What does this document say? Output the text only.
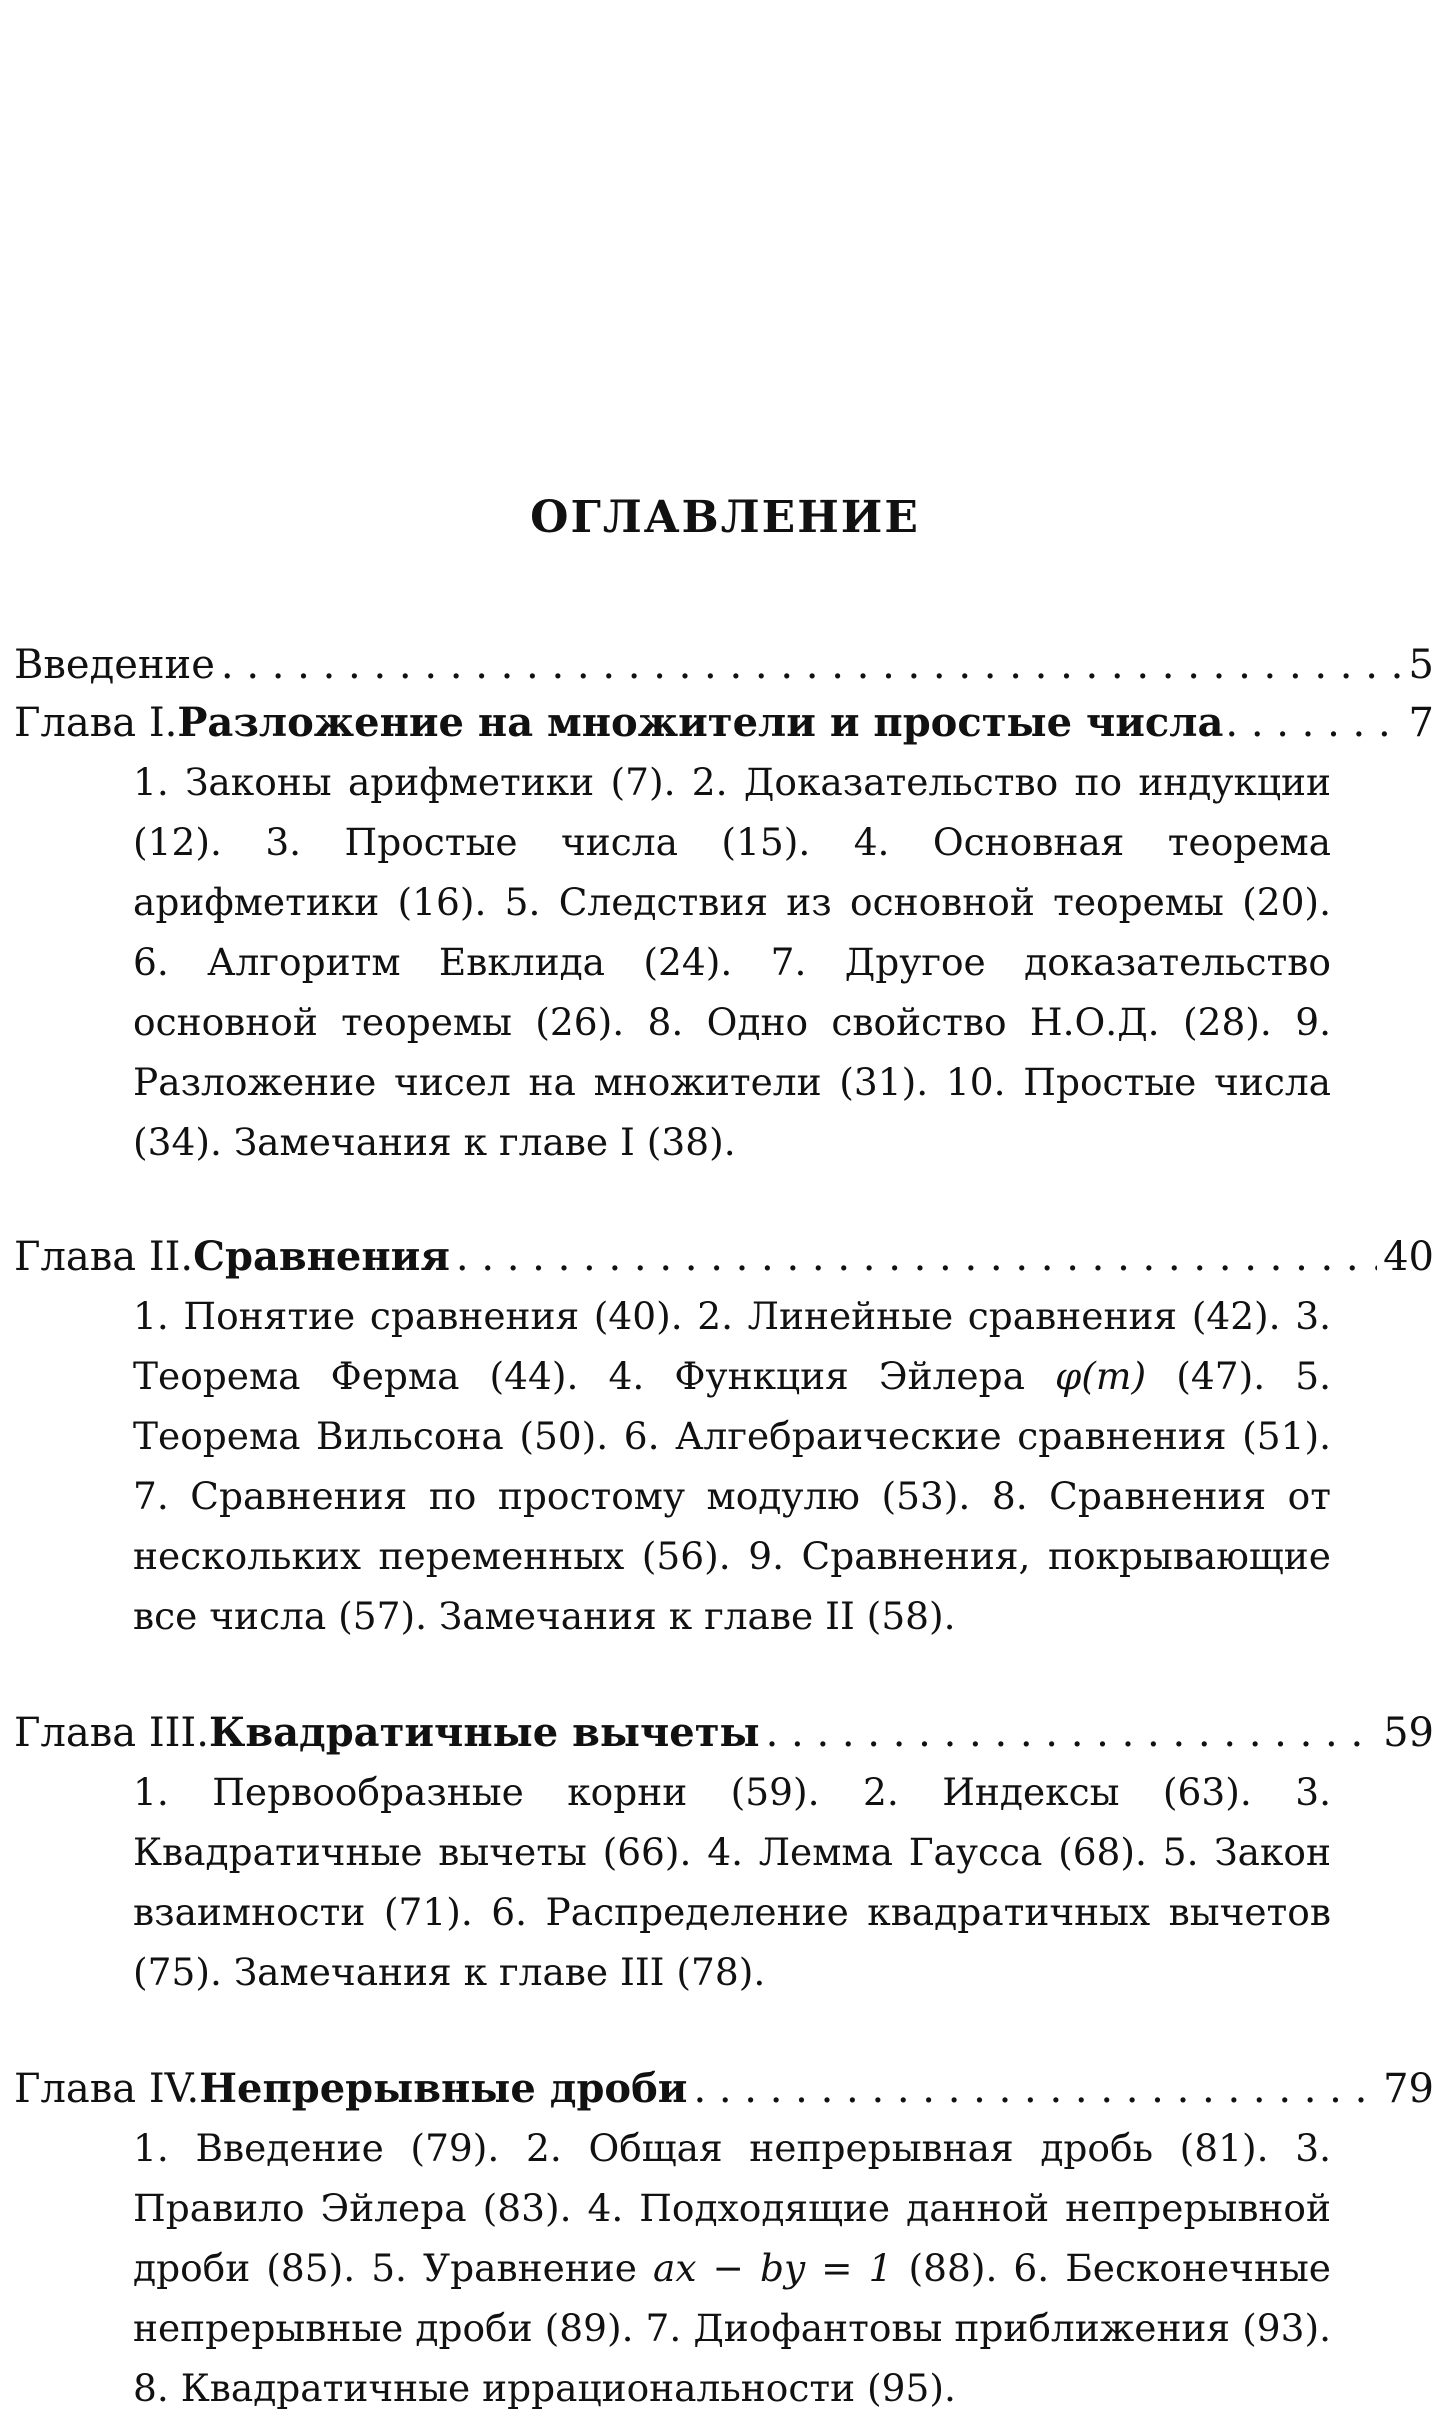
ОГЛАВЛЕНИЕ
Введение . . .	5
Глава I. Разложение на множители и простые числа . . .	7
1. Законы арифметики (7). 2. Доказательство по индукции (12). 3. Простые числа (15). 4. Основная теорема арифметики (16). 5. Следствия из основной теоремы (20). 6. Алгоритм Евклида (24). 7. Другое доказательство основной теоремы (26). 8. Одно свойство Н.О.Д. (28). 9. Разложение чисел на множители (31). 10. Простые числа (34). Замечания к главе I (38).
Глава II. Сравнения . . .	40
1. Понятие сравнения (40). 2. Линейные сравнения (42). 3. Теорема Ферма (44). 4. Функция Эйлера φ(m) (47). 5. Теорема Вильсона (50). 6. Алгебраические сравнения (51). 7. Сравнения по простому модулю (53). 8. Сравнения от нескольких переменных (56). 9. Сравнения, покрывающие все числа (57). Замечания к главе II (58).
Глава III. Квадратичные вычеты . . .	59
1. Первообразные корни (59). 2. Индексы (63). 3. Квадратичные вычеты (66). 4. Лемма Гаусса (68). 5. Закон взаимности (71). 6. Распределение квадратичных вычетов (75). Замечания к главе III (78).
Глава IV. Непрерывные дроби . . .	79
1. Введение (79). 2. Общая непрерывная дробь (81). 3. Правило Эйлера (83). 4. Подходящие данной непрерывной дроби (85). 5. Уравнение ax − by = 1 (88). 6. Бесконечные непрерывные дроби (89). 7. Диофантовы приближения (93). 8. Квадратичные иррациональности (95).
